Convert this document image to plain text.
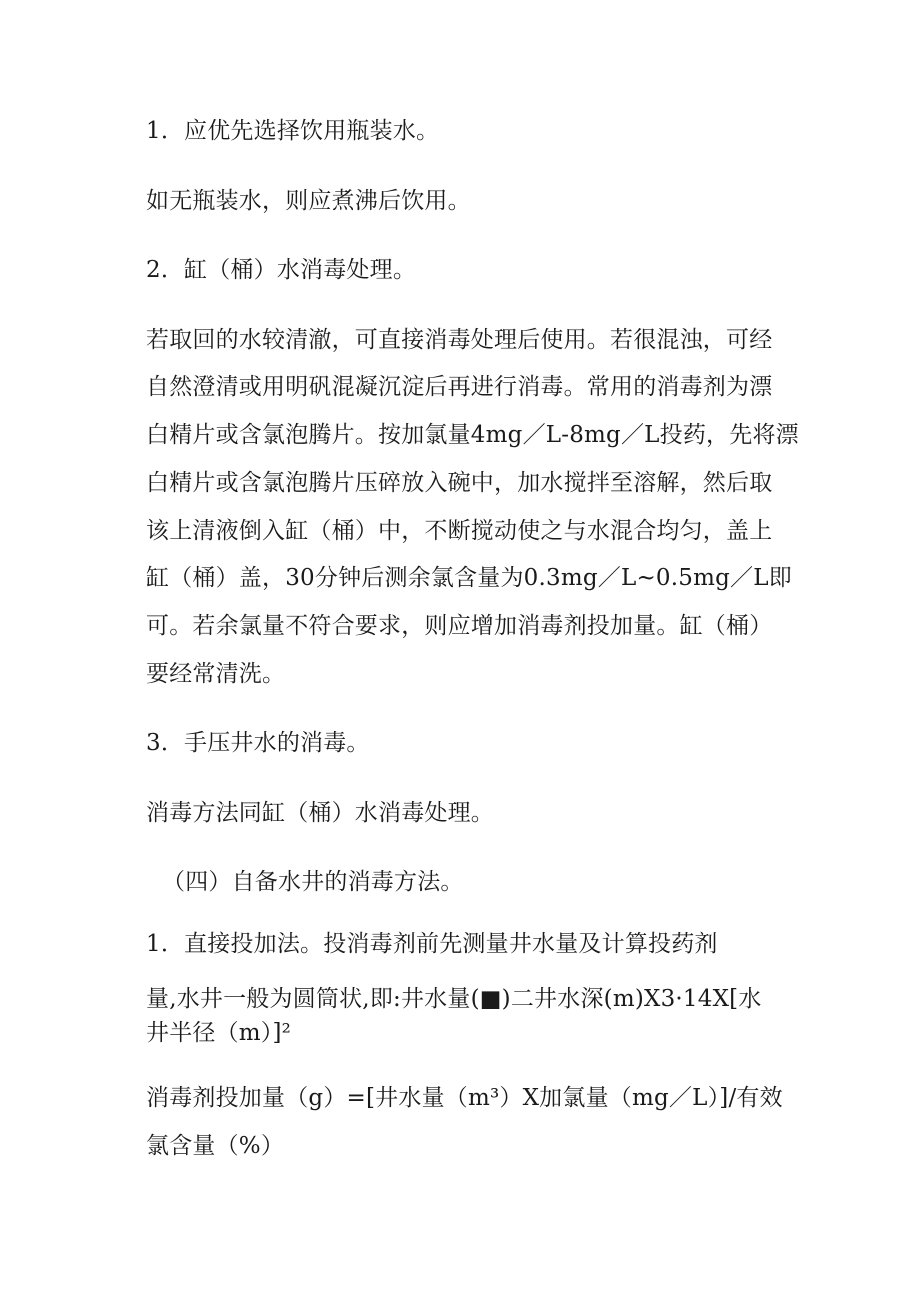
1．应优先选择饮用瓶装水。
如无瓶装水，则应煮沸后饮用。
2．缸（桶）水消毒处理。
若取回的水较清澈，可直接消毒处理后使用。若很混浊，可经
自然澄清或用明矾混凝沉淀后再进行消毒。常用的消毒剂为漂
白精片或含氯泡腾片。按加氯量4mg／L-8mg／L投药，先将漂
白精片或含氯泡腾片压碎放入碗中，加水搅拌至溶解，然后取
该上清液倒入缸（桶）中，不断搅动使之与水混合均匀，盖上
缸（桶）盖，30分钟后测余氯含量为0.3mg／L~0.5mg／L即
可。若余氯量不符合要求，则应增加消毒剂投加量。缸（桶）
要经常清洗。
3．手压井水的消毒。
消毒方法同缸（桶）水消毒处理。
（四）自备水井的消毒方法。
1．直接投加法。投消毒剂前先测量井水量及计算投药剂
量,水井一般为圆筒状,即:井水量(■)二井水深(m)X3·14X[水
井半径（m）]²
消毒剂投加量（g）=[井水量（m³）X加氯量（mg／L）]/有效
氯含量（%）
